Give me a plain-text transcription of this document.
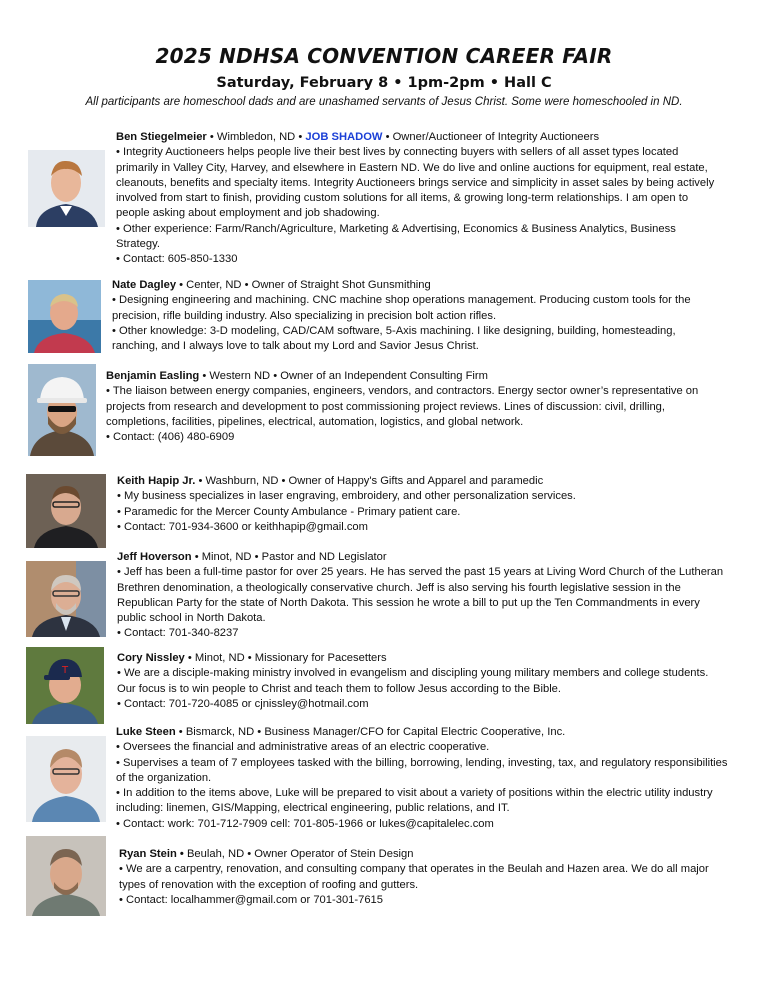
2025 NDHSA CONVENTION CAREER FAIR
Saturday, February 8 • 1pm-2pm • Hall C

All participants are homeschool dads and are unashamed servants of Jesus Christ. Some were homeschooled in ND.

Ben Stiegelmeier • Wimbledon, ND • JOB SHADOW • Owner/Auctioneer of Integrity Auctioneers

• Integrity Auctioneers helps people live their best lives by connecting buyers with sellers of all asset types located primarily in Valley City, Harvey, and elsewhere in Eastern ND. We do live and online auctions for equipment, real estate, cleanouts, benefits and specialty items. Integrity Auctioneers brings service and simplicity in asset sales by being actively involved from start to finish, providing custom solutions for all items, & growing long-term relationships. I am open to people asking about employment and job shadowing.

• Other experience: Farm/Ranch/Agriculture, Marketing & Advertising, Economics & Business Analytics, Business Strategy.

• Contact: 605-850-1330

Nate Dagley • Center, ND • Owner of Straight Shot Gunsmithing

• Designing engineering and machining. CNC machine shop operations management. Producing custom tools for the precision, rifle building industry. Also specializing in precision bolt action rifles.

• Other knowledge: 3-D modeling, CAD/CAM software, 5-Axis machining. I like designing, building, homesteading, ranching, and I always love to talk about my Lord and Savior Jesus Christ.

Benjamin Easling • Western ND • Owner of an Independent Consulting Firm

• The liaison between energy companies, engineers, vendors, and contractors. Energy sector owner’s representative on projects from research and development to post commissioning project reviews. Lines of discussion: civil, drilling, completions, facilities, pipelines, electrical, automation, logistics, and global network.

• Contact: (406) 480-6909

Keith Hapip Jr. • Washburn, ND • Owner of Happy's Gifts and Apparel and paramedic

• My business specializes in laser engraving, embroidery, and other personalization services.

• Paramedic for the Mercer County Ambulance - Primary patient care.

• Contact: 701-934-3600 or keithhapip@gmail.com

Jeff Hoverson • Minot, ND • Pastor and ND Legislator

• Jeff has been a full-time pastor for over 25 years. He has served the past 15 years at Living Word Church of the Lutheran Brethren denomination, a theologically conservative church. Jeff is also serving his fourth legislative session in the Republican Party for the state of North Dakota. This session he wrote a bill to put up the Ten Commandments in every public school in North Dakota.

• Contact: 701-340-8237

T

Cory Nissley • Minot, ND • Missionary for Pacesetters

• We are a disciple-making ministry involved in evangelism and discipling young military members and college students. Our focus is to win people to Christ and teach them to follow Jesus according to the Bible.

• Contact: 701-720-4085 or cjnissley@hotmail.com

Luke Steen • Bismarck, ND • Business Manager/CFO for Capital Electric Cooperative, Inc.

• Oversees the financial and administrative areas of an electric cooperative.

• Supervises a team of 7 employees tasked with the billing, borrowing, lending, investing, tax, and regulatory responsibilities of the organization.

• In addition to the items above, Luke will be prepared to visit about a variety of positions within the electric utility industry including: linemen, GIS/Mapping, electrical engineering, public relations, and IT.

• Contact: work: 701-712-7909 cell: 701-805-1966 or lukes@capitalelec.com

Ryan Stein • Beulah, ND • Owner Operator of Stein Design

• We are a carpentry, renovation, and consulting company that operates in the Beulah and Hazen area. We do all major types of renovation with the exception of roofing and gutters.

• Contact: localhammer@gmail.com or 701-301-7615
